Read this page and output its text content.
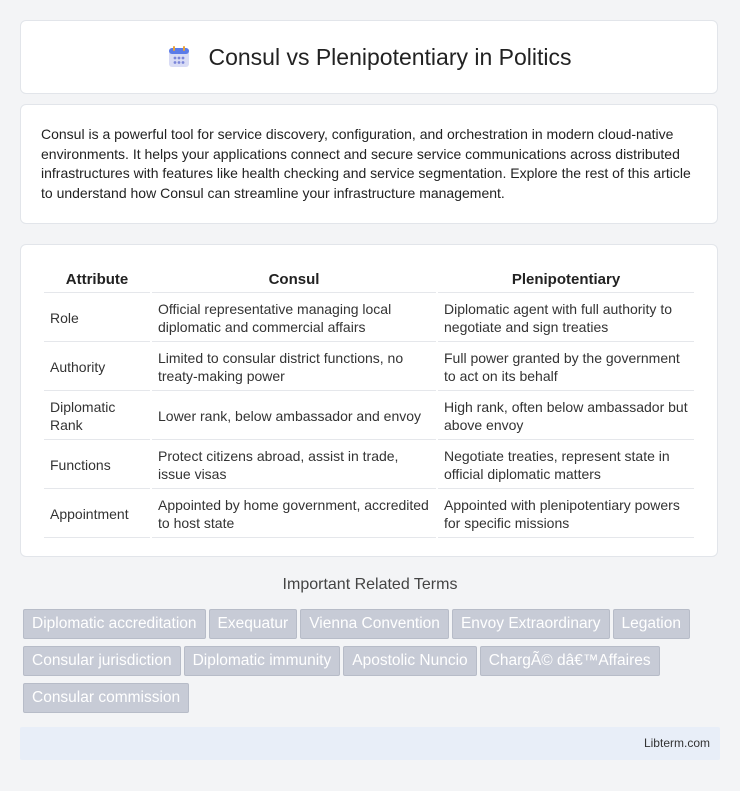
Consul vs Plenipotentiary in Politics

Consul is a powerful tool for service discovery, configuration, and orchestration in modern cloud-native environments. It helps your applications connect and secure service communications across distributed infrastructures with features like health checking and service segmentation. Explore the rest of this article to understand how Consul can streamline your infrastructure management.

Attribute	Consul	Plenipotentiary
Role	Official representative managing local diplomatic and commercial affairs	Diplomatic agent with full authority to negotiate and sign treaties
Authority	Limited to consular district functions, no treaty-making power	Full power granted by the government to act on its behalf
Diplomatic Rank	Lower rank, below ambassador and envoy	High rank, often below ambassador but above envoy
Functions	Protect citizens abroad, assist in trade, issue visas	Negotiate treaties, represent state in official diplomatic matters
Appointment	Appointed by home government, accredited to host state	Appointed with plenipotentiary powers for specific missions
Important Related Terms
Diplomatic accreditation Exequatur Vienna Convention Envoy Extraordinary Legation
Consular jurisdiction Diplomatic immunity Apostolic Nuncio ChargÃ© dâ€™Affaires
Consular commission
Libterm.com
